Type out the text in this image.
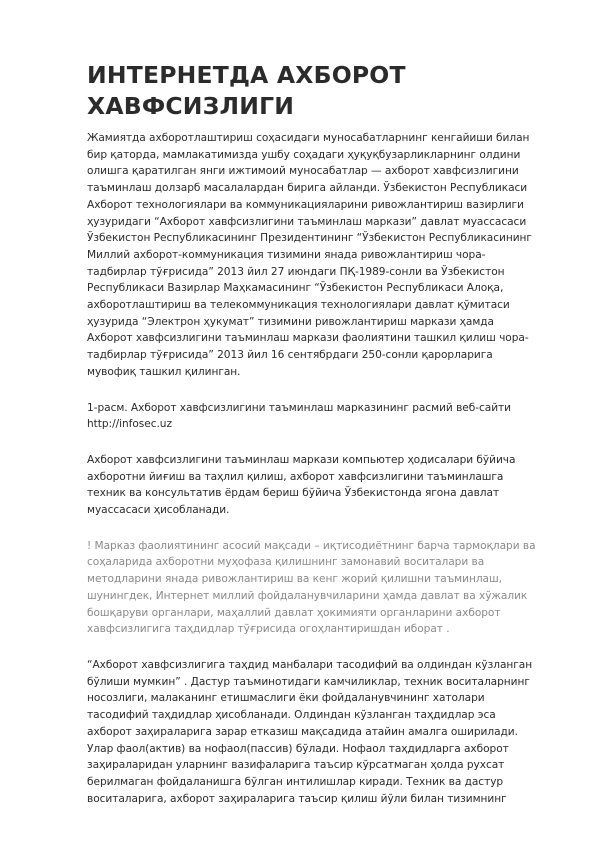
ИНТЕРНЕТДА АХБОРОТ ХАВФСИЗЛИГИ

Жамиятда ахборотлаштириш соҳасидаги муносабатларнинг кенгайиши билан бир қаторда, мамлакатимизда ушбу соҳадаги ҳуқуқбузарликларнинг олдини олишга қаратилган янги ижтимоий муносабатлар — ахборот хавфсизлигини таъминлаш долзарб масалалардан бирига айланди. Ўзбекистон Республикаси Ахборот технологиялари ва коммуникацияларини ривожлантириш вазирлиги ҳузуридаги “Ахборот хавфсизлигини таъминлаш маркази” давлат муассасаси Ўзбекистон Республикасининг Президентининг “Ўзбекистон Республикасининг Миллий ахборот-коммуникация тизимини янада ривожлантириш чора-тадбирлар тўғрисида” 2013 йил 27 июндаги ПҚ-1989-сонли ва Ўзбекистон Республикаси Вазирлар Маҳкамасининг “Ўзбекистон Республикаси Алоқа, ахборотлаштириш ва телекоммуникация технологиялари давлат қўмитаси ҳузурида “Электрон ҳукумат” тизимини ривожлантириш маркази ҳамда Ахборот хавфсизлигини таъминлаш маркази фаолиятини ташкил қилиш чора-тадбирлар тўғрисида” 2013 йил 16 сентябрдаги 250-сонли қарорларига мувофиқ ташкил қилинган.

1-расм. Ахборот хавфсизлигини таъминлаш марказининг расмий веб-сайти http://infosec.uz

Ахборот хавфсизлигини таъминлаш маркази компьютер ҳодисалари бўйича ахборотни йиғиш ва таҳлил қилиш, ахборот хавфсизлигини таъминлашга техник ва консультатив ёрдам бериш бўйича Ўзбекистонда ягона давлат муассасаси ҳисобланади.

! Марказ фаолиятининг асосий мақсади – иқтисодиётнинг барча тармоқлари ва соҳаларида ахборотни муҳофаза қилишнинг замонавий воситалари ва методларини янада ривожлантириш ва кенг жорий қилишни таъминлаш, шунингдек, Интернет миллий фойдаланувчиларини ҳамда давлат ва хўжалик бошқаруви органлари, маҳаллий давлат ҳокимияти органларини ахборот хавфсизлигига таҳдидлар тўғрисида огоҳлантиришдан иборат .

“Ахборот хавфсизлигига таҳдид манбалари тасодифий ва олдиндан кўзланган бўлиши мумкин” . Дастур таъминотидаги камчиликлар, техник воситаларнинг носозлиги, малаканинг етишмаслиги ёки фойдаланувчининг хатолари тасодифий таҳдидлар ҳисобланади. Олдиндан кўзланган таҳдидлар эса ахборот заҳираларига зарар етказиш мақсадида атайин амалга оширилади. Улар фаол(актив) ва нофаол(пассив) бўлади. Нофаол таҳдидларга ахборот заҳираларидан уларнинг вазифаларига таъсир кўрсатмаган ҳолда рухсат берилмаган фойдаланишга бўлган интилишлар киради. Техник ва дастур воситаларига, ахборот заҳираларига таъсир қилиш йўли билан тизимнинг
